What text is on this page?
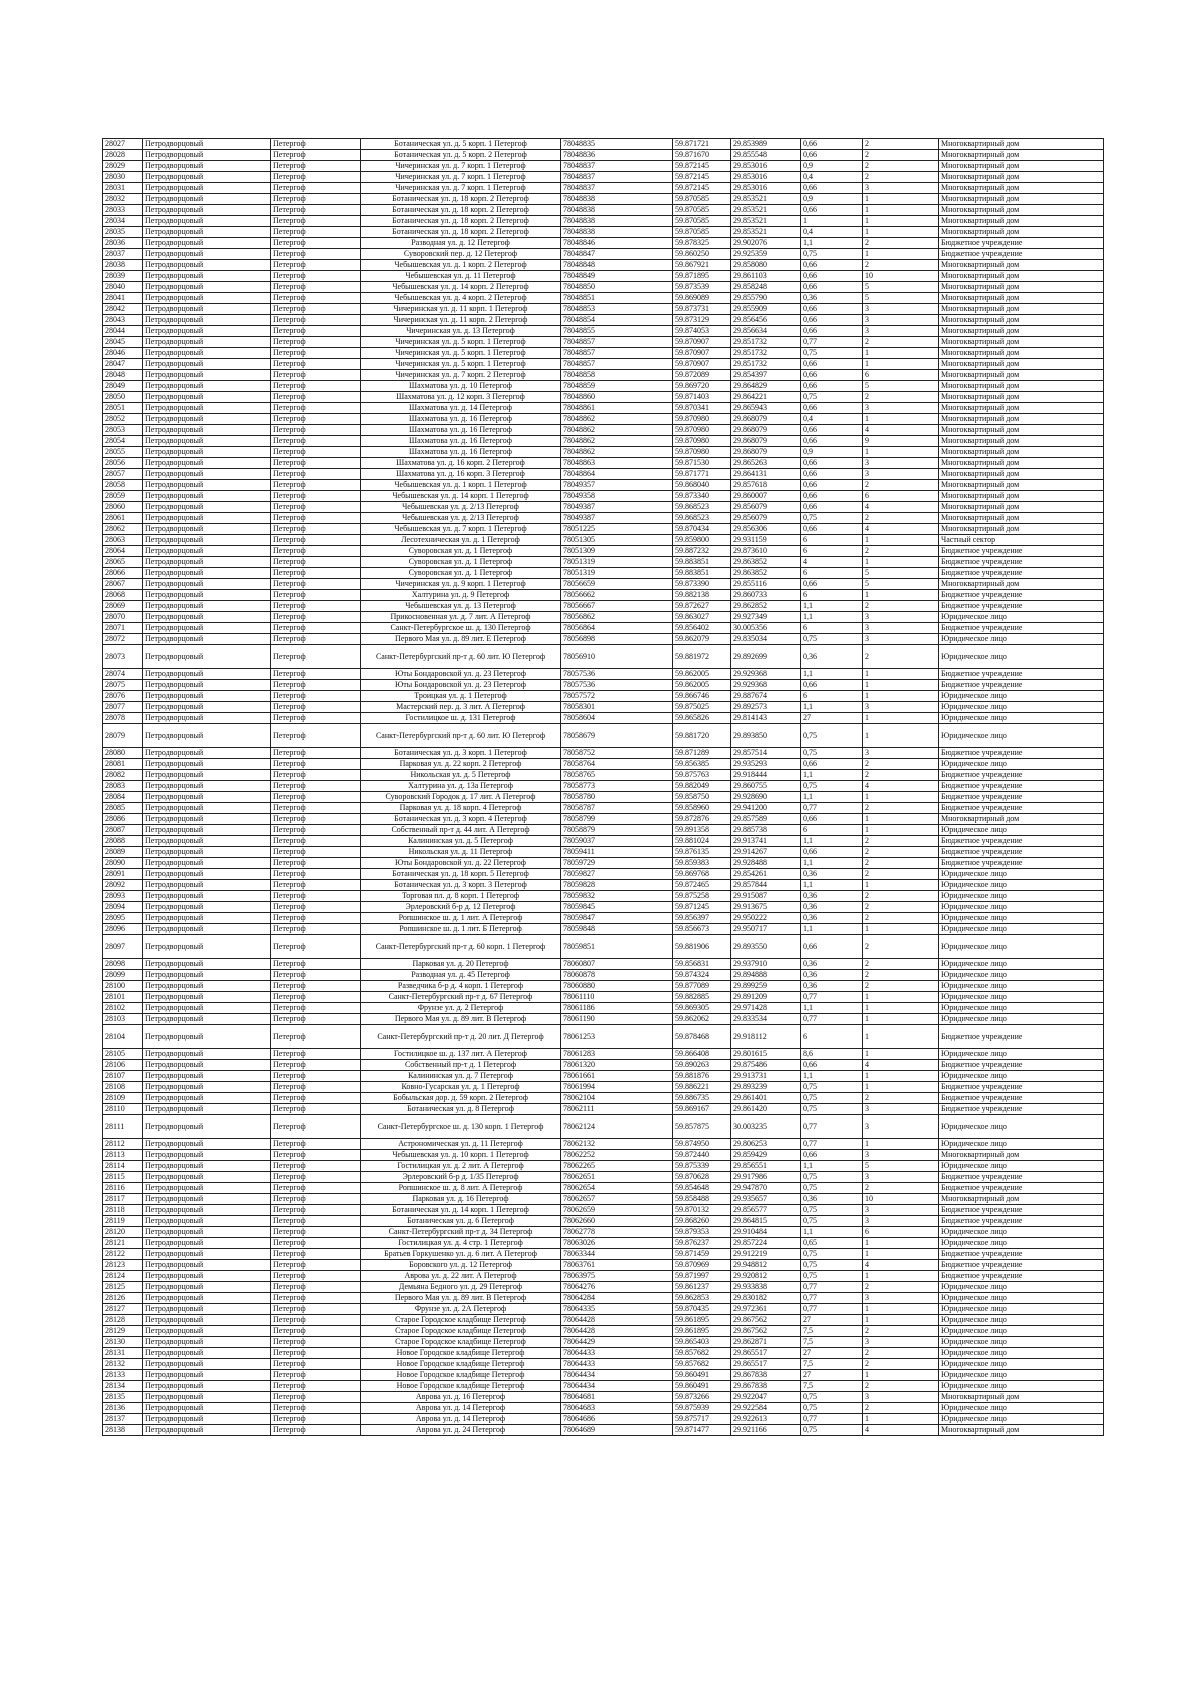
28027	Петродворцовый	Петергоф	Ботаническая ул. д. 5 корп. 1 Петергоф	78048835	59.871721	29.853989	0,66	2	Многоквартирный дом
28028	Петродворцовый	Петергоф	Ботаническая ул. д. 5 корп. 2 Петергоф	78048836	59.871670	29.855548	0,66	2	Многоквартирный дом
28029	Петродворцовый	Петергоф	Чичеринская ул. д. 7 корп. 1 Петергоф	78048837	59.872145	29.853016	0,9	2	Многоквартирный дом
28030	Петродворцовый	Петергоф	Чичеринская ул. д. 7 корп. 1 Петергоф	78048837	59.872145	29.853016	0,4	2	Многоквартирный дом
28031	Петродворцовый	Петергоф	Чичеринская ул. д. 7 корп. 1 Петергоф	78048837	59.872145	29.853016	0,66	3	Многоквартирный дом
28032	Петродворцовый	Петергоф	Ботаническая ул. д. 18 корп. 2 Петергоф	78048838	59.870585	29.853521	0,9	1	Многоквартирный дом
28033	Петродворцовый	Петергоф	Ботаническая ул. д. 18 корп. 2 Петергоф	78048838	59.870585	29.853521	0,66	1	Многоквартирный дом
28034	Петродворцовый	Петергоф	Ботаническая ул. д. 18 корп. 2 Петергоф	78048838	59.870585	29.853521	1	1	Многоквартирный дом
28035	Петродворцовый	Петергоф	Ботаническая ул. д. 18 корп. 2 Петергоф	78048838	59.870585	29.853521	0,4	1	Многоквартирный дом
28036	Петродворцовый	Петергоф	Разводная ул. д. 12 Петергоф	78048846	59.878325	29.902076	1,1	2	Бюджетное учреждение
28037	Петродворцовый	Петергоф	Суворовский пер. д. 12 Петергоф	78048847	59.860250	29.925359	0,75	1	Бюджетное учреждение
28038	Петродворцовый	Петергоф	Чебышевская ул. д. 1 корп. 2 Петергоф	78048848	59.867921	29.858080	0,66	2	Многоквартирный дом
28039	Петродворцовый	Петергоф	Чебышевская ул. д. 11 Петергоф	78048849	59.871895	29.861103	0,66	10	Многоквартирный дом
28040	Петродворцовый	Петергоф	Чебышевская ул. д. 14 корп. 2 Петергоф	78048850	59.873539	29.858248	0,66	5	Многоквартирный дом
28041	Петродворцовый	Петергоф	Чебышевская ул. д. 4 корп. 2 Петергоф	78048851	59.869089	29.855790	0,36	5	Многоквартирный дом
28042	Петродворцовый	Петергоф	Чичеринская ул. д. 11 корп. 1 Петергоф	78048853	59.873731	29.855909	0,66	3	Многоквартирный дом
28043	Петродворцовый	Петергоф	Чичеринская ул. д. 11 корп. 2 Петергоф	78048854	59.873129	29.856456	0,66	3	Многоквартирный дом
28044	Петродворцовый	Петергоф	Чичеринская ул. д. 13 Петергоф	78048855	59.874053	29.856634	0,66	3	Многоквартирный дом
28045	Петродворцовый	Петергоф	Чичеринская ул. д. 5 корп. 1 Петергоф	78048857	59.870907	29.851732	0,77	2	Многоквартирный дом
28046	Петродворцовый	Петергоф	Чичеринская ул. д. 5 корп. 1 Петергоф	78048857	59.870907	29.851732	0,75	1	Многоквартирный дом
28047	Петродворцовый	Петергоф	Чичеринская ул. д. 5 корп. 1 Петергоф	78048857	59.870907	29.851732	0,66	1	Многоквартирный дом
28048	Петродворцовый	Петергоф	Чичеринская ул. д. 7 корп. 2 Петергоф	78048858	59.872089	29.854397	0,66	6	Многоквартирный дом
28049	Петродворцовый	Петергоф	Шахматова ул. д. 10 Петергоф	78048859	59.869720	29.864829	0,66	5	Многоквартирный дом
28050	Петродворцовый	Петергоф	Шахматова ул. д. 12 корп. 3 Петергоф	78048860	59.871403	29.864221	0,75	2	Многоквартирный дом
28051	Петродворцовый	Петергоф	Шахматова ул. д. 14 Петергоф	78048861	59.870341	29.865943	0,66	3	Многоквартирный дом
28052	Петродворцовый	Петергоф	Шахматова ул. д. 16 Петергоф	78048862	59.870980	29.868079	0,4	1	Многоквартирный дом
28053	Петродворцовый	Петергоф	Шахматова ул. д. 16 Петергоф	78048862	59.870980	29.868079	0,66	4	Многоквартирный дом
28054	Петродворцовый	Петергоф	Шахматова ул. д. 16 Петергоф	78048862	59.870980	29.868079	0,66	9	Многоквартирный дом
28055	Петродворцовый	Петергоф	Шахматова ул. д. 16 Петергоф	78048862	59.870980	29.868079	0,9	1	Многоквартирный дом
28056	Петродворцовый	Петергоф	Шахматова ул. д. 16 корп. 2 Петергоф	78048863	59.871530	29.865263	0,66	3	Многоквартирный дом
28057	Петродворцовый	Петергоф	Шахматова ул. д. 16 корп. 3 Петергоф	78048864	59.871771	29.864131	0,66	3	Многоквартирный дом
28058	Петродворцовый	Петергоф	Чебышевская ул. д. 1 корп. 1 Петергоф	78049357	59.868040	29.857618	0,66	2	Многоквартирный дом
28059	Петродворцовый	Петергоф	Чебышевская ул. д. 14 корп. 1 Петергоф	78049358	59.873340	29.860007	0,66	6	Многоквартирный дом
28060	Петродворцовый	Петергоф	Чебышевская ул. д. 2/13 Петергоф	78049387	59.868523	29.856079	0,66	4	Многоквартирный дом
28061	Петродворцовый	Петергоф	Чебышевская ул. д. 2/13 Петергоф	78049387	59.868523	29.856079	0,75	2	Многоквартирный дом
28062	Петродворцовый	Петергоф	Чебышевская ул. д. 7 корп. 1 Петергоф	78051225	59.870434	29.856306	0,66	4	Многоквартирный дом
28063	Петродворцовый	Петергоф	Лесотехническая ул. д. 1 Петергоф	78051305	59.859800	29.931159	6	1	Частный сектор
28064	Петродворцовый	Петергоф	Суворовская ул. д. 1 Петергоф	78051309	59.887232	29.873610	6	2	Бюджетное учреждение
28065	Петродворцовый	Петергоф	Суворовская ул. д. 1 Петергоф	78051319	59.883851	29.863852	4	1	Бюджетное учреждение
28066	Петродворцовый	Петергоф	Суворовская ул. д. 1 Петергоф	78051319	59.883851	29.863852	6	5	Бюджетное учреждение
28067	Петродворцовый	Петергоф	Чичеринская ул. д. 9 корп. 1 Петергоф	78056659	59.873390	29.855116	0,66	5	Многоквартирный дом
28068	Петродворцовый	Петергоф	Халтурина ул. д. 9 Петергоф	78056662	59.882138	29.860733	6	1	Бюджетное учреждение
28069	Петродворцовый	Петергоф	Чебышевская ул. д. 13 Петергоф	78056667	59.872627	29.862852	1,1	2	Бюджетное учреждение
28070	Петродворцовый	Петергоф	Прикосновенная ул. д. 7 лит. А Петергоф	78056862	59.863027	29.927349	1,1	3	Юридическое лицо
28071	Петродворцовый	Петергоф	Санкт-Петербургское ш. д. 130 Петергоф	78056864	59.856402	30.005356	6	3	Бюджетное учреждение
28072	Петродворцовый	Петергоф	Первого Мая ул. д. 89 лит. Е Петергоф	78056898	59.862079	29.835034	0,75	3	Юридическое лицо
28073	Петродворцовый	Петергоф	Санкт-Петербургский пр-т д. 60 лит. Ю Петергоф	78056910	59.881972	29.892699	0,36	2	Юридическое лицо
28074	Петродворцовый	Петергоф	Юты Бондаровской ул. д. 23 Петергоф	78057536	59.862005	29.929368	1,1	1	Бюджетное учреждение
28075	Петродворцовый	Петергоф	Юты Бондаровской ул. д. 23 Петергоф	78057536	59.862005	29.929368	0,66	1	Бюджетное учреждение
28076	Петродворцовый	Петергоф	Троицкая ул. д. 1 Петергоф	78057572	59.866746	29.887674	6	1	Юридическое лицо
28077	Петродворцовый	Петергоф	Мастерский пер. д. 3 лит. А Петергоф	78058301	59.875025	29.892573	1,1	3	Юридическое лицо
28078	Петродворцовый	Петергоф	Гостилицкое ш. д. 131 Петергоф	78058604	59.865826	29.814143	27	1	Юридическое лицо
28079	Петродворцовый	Петергоф	Санкт-Петербургский пр-т д. 60 лит. Ю Петергоф	78058679	59.881720	29.893850	0,75	1	Юридическое лицо
28080	Петродворцовый	Петергоф	Ботаническая ул. д. 3 корп. 1 Петергоф	78058752	59.871289	29.857514	0,75	3	Бюджетное учреждение
28081	Петродворцовый	Петергоф	Парковая ул. д. 22 корп. 2 Петергоф	78058764	59.856385	29.935293	0,66	2	Юридическое лицо
28082	Петродворцовый	Петергоф	Никольская ул. д. 5 Петергоф	78058765	59.875763	29.918444	1,1	2	Бюджетное учреждение
28083	Петродворцовый	Петергоф	Халтурина ул. д. 13а Петергоф	78058773	59.882049	29.860755	0,75	4	Бюджетное учреждение
28084	Петродворцовый	Петергоф	Суворовский Городок д. 17 лит. А Петергоф	78058780	59.858750	29.928690	1,1	1	Бюджетное учреждение
28085	Петродворцовый	Петергоф	Парковая ул. д. 18 корп. 4 Петергоф	78058787	59.858960	29.941200	0,77	2	Бюджетное учреждение
28086	Петродворцовый	Петергоф	Ботаническая ул. д. 3 корп. 4 Петергоф	78058799	59.872876	29.857589	0,66	1	Многоквартирный дом
28087	Петродворцовый	Петергоф	Собственный пр-т д. 44 лит. А Петергоф	78058879	59.891358	29.885738	6	1	Юридическое лицо
28088	Петродворцовый	Петергоф	Калининская ул. д. 5 Петергоф	78059037	59.881024	29.913741	1,1	2	Бюджетное учреждение
28089	Петродворцовый	Петергоф	Никольская ул. д. 11 Петергоф	78059411	59.876135	29.914267	0,66	2	Бюджетное учреждение
28090	Петродворцовый	Петергоф	Юты Бондаровской ул. д. 22 Петергоф	78059729	59.859383	29.928488	1,1	2	Бюджетное учреждение
28091	Петродворцовый	Петергоф	Ботаническая ул. д. 18 корп. 5 Петергоф	78059827	59.869768	29.854261	0,36	2	Юридическое лицо
28092	Петродворцовый	Петергоф	Ботаническая ул. д. 3 корп. 3 Петергоф	78059828	59.872465	29.857844	1,1	1	Юридическое лицо
28093	Петродворцовый	Петергоф	Торговая пл. д. 8 корп. 1 Петергоф	78059832	59.875258	29.915087	0,36	2	Юридическое лицо
28094	Петродворцовый	Петергоф	Эрлеровский б-р д. 12 Петергоф	78059845	59.871245	29.913675	0,36	2	Юридическое лицо
28095	Петродворцовый	Петергоф	Ропшинское ш. д. 1 лит. А Петергоф	78059847	59.856397	29.950222	0,36	2	Юридическое лицо
28096	Петродворцовый	Петергоф	Ропшинское ш. д. 1 лит. Б Петергоф	78059848	59.856673	29.950717	1,1	1	Юридическое лицо
28097	Петродворцовый	Петергоф	Санкт-Петербургский пр-т д. 60 корп. 1 Петергоф	78059851	59.881906	29.893550	0,66	2	Юридическое лицо
28098	Петродворцовый	Петергоф	Парковая ул. д. 20 Петергоф	78060807	59.856831	29.937910	0,36	2	Юридическое лицо
28099	Петродворцовый	Петергоф	Разводная ул. д. 45 Петергоф	78060878	59.874324	29.894888	0,36	2	Юридическое лицо
28100	Петродворцовый	Петергоф	Разведчика б-р д. 4 корп. 1 Петергоф	78060880	59.877089	29.899259	0,36	2	Юридическое лицо
28101	Петродворцовый	Петергоф	Санкт-Петербургский пр-т д. 67 Петергоф	78061110	59.882885	29.891209	0,77	1	Юридическое лицо
28102	Петродворцовый	Петергоф	Фрунзе ул. д. 2 Петергоф	78061186	59.869305	29.971428	1,1	1	Юридическое лицо
28103	Петродворцовый	Петергоф	Первого Мая ул. д. 89 лит. В Петергоф	78061190	59.862062	29.833534	0,77	1	Юридическое лицо
28104	Петродворцовый	Петергоф	Санкт-Петербургский пр-т д. 20 лит. Д Петергоф	78061253	59.878468	29.918112	6	1	Бюджетное учреждение
28105	Петродворцовый	Петергоф	Гостилицкое ш. д. 137 лит. А Петергоф	78061283	59.866408	29.801615	8,6	1	Юридическое лицо
28106	Петродворцовый	Петергоф	Собственный пр-т д. 1 Петергоф	78061320	59.890263	29.875486	0,66	4	Бюджетное учреждение
28107	Петродворцовый	Петергоф	Калининская ул. д. 7 Петергоф	78061661	59.881876	29.913731	1,1	1	Юридическое лицо
28108	Петродворцовый	Петергоф	Ковно-Гусарская ул. д. 1 Петергоф	78061994	59.886221	29.893239	0,75	1	Бюджетное учреждение
28109	Петродворцовый	Петергоф	Бобыльская дор. д. 59 корп. 2 Петергоф	78062104	59.886735	29.861401	0,75	2	Бюджетное учреждение
28110	Петродворцовый	Петергоф	Ботаническая ул. д. 8 Петергоф	78062111	59.869167	29.861420	0,75	3	Бюджетное учреждение
28111	Петродворцовый	Петергоф	Санкт-Петербургское ш. д. 130 корп. 1 Петергоф	78062124	59.857875	30.003235	0,77	3	Юридическое лицо
28112	Петродворцовый	Петергоф	Астрономическая ул. д. 11 Петергоф	78062132	59.874950	29.806253	0,77	1	Юридическое лицо
28113	Петродворцовый	Петергоф	Чебышевская ул. д. 10 корп. 1 Петергоф	78062252	59.872440	29.859429	0,66	3	Многоквартирный дом
28114	Петродворцовый	Петергоф	Гостилицкая ул. д. 2 лит. А Петергоф	78062265	59.875339	29.856551	1,1	5	Юридическое лицо
28115	Петродворцовый	Петергоф	Эрлеровский б-р д. 1/35 Петергоф	78062651	59.870628	29.917986	0,75	3	Бюджетное учреждение
28116	Петродворцовый	Петергоф	Ропшинское ш. д. 8 лит. А Петергоф	78062654	59.854648	29.947870	0,75	2	Бюджетное учреждение
28117	Петродворцовый	Петергоф	Парковая ул. д. 16 Петергоф	78062657	59.858488	29.935657	0,36	10	Многоквартирный дом
28118	Петродворцовый	Петергоф	Ботаническая ул. д. 14 корп. 1 Петергоф	78062659	59.870132	29.856577	0,75	3	Бюджетное учреждение
28119	Петродворцовый	Петергоф	Ботаническая ул. д. 6 Петергоф	78062660	59.868260	29.864815	0,75	3	Бюджетное учреждение
28120	Петродворцовый	Петергоф	Санкт-Петербургский пр-т д. 34 Петергоф	78062778	59.879353	29.910484	1,1	6	Юридическое лицо
28121	Петродворцовый	Петергоф	Гостилицкая ул. д. 4 стр. 1 Петергоф	78063026	59.876237	29.857224	0,65	1	Юридическое лицо
28122	Петродворцовый	Петергоф	Братьев Горкушенко ул. д. 6 лит. А Петергоф	78063344	59.871459	29.912219	0,75	1	Бюджетное учреждение
28123	Петродворцовый	Петергоф	Боровского ул. д. 12 Петергоф	78063761	59.870969	29.948812	0,75	4	Бюджетное учреждение
28124	Петродворцовый	Петергоф	Аврова ул. д. 22 лит. А Петергоф	78063975	59.871997	29.920812	0,75	1	Бюджетное учреждение
28125	Петродворцовый	Петергоф	Демьяна Бедного ул. д. 29 Петергоф	78064276	59.861237	29.933838	0,77	2	Юридическое лицо
28126	Петродворцовый	Петергоф	Первого Мая ул. д. 89 лит. В Петергоф	78064284	59.862853	29.830182	0,77	3	Юридическое лицо
28127	Петродворцовый	Петергоф	Фрунзе ул. д. 2А Петергоф	78064335	59.870435	29.972361	0,77	1	Юридическое лицо
28128	Петродворцовый	Петергоф	Старое Городское кладбище Петергоф	78064428	59.861895	29.867562	27	1	Юридическое лицо
28129	Петродворцовый	Петергоф	Старое Городское кладбище Петергоф	78064428	59.861895	29.867562	7,5	2	Юридическое лицо
28130	Петродворцовый	Петергоф	Старое Городское кладбище Петергоф	78064429	59.865403	29.862871	7,5	3	Юридическое лицо
28131	Петродворцовый	Петергоф	Новое Городское кладбище Петергоф	78064433	59.857682	29.865517	27	2	Юридическое лицо
28132	Петродворцовый	Петергоф	Новое Городское кладбище Петергоф	78064433	59.857682	29.865517	7,5	2	Юридическое лицо
28133	Петродворцовый	Петергоф	Новое Городское кладбище Петергоф	78064434	59.860491	29.867838	27	1	Юридическое лицо
28134	Петродворцовый	Петергоф	Новое Городское кладбище Петергоф	78064434	59.860491	29.867838	7,5	2	Юридическое лицо
28135	Петродворцовый	Петергоф	Аврова ул. д. 16 Петергоф	78064681	59.873266	29.922047	0,75	3	Многоквартирный дом
28136	Петродворцовый	Петергоф	Аврова ул. д. 14 Петергоф	78064683	59.875939	29.922584	0,75	2	Юридическое лицо
28137	Петродворцовый	Петергоф	Аврова ул. д. 14 Петергоф	78064686	59.875717	29.922613	0,77	1	Юридическое лицо
28138	Петродворцовый	Петергоф	Аврова ул. д. 24 Петергоф	78064689	59.871477	29.921166	0,75	4	Многоквартирный дом
